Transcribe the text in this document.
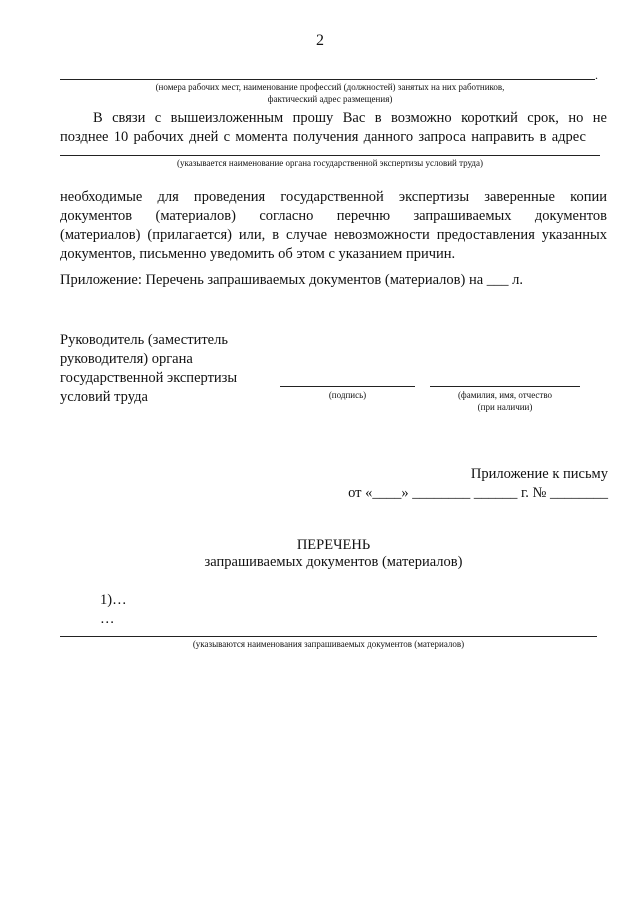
2
.
(номера рабочих мест, наименование профессий (должностей) занятых на них работников,
фактический адрес размещения)
В связи с вышеизложенным прошу Вас в возможно короткий срок, но не
позднее 10 рабочих дней с момента получения данного запроса направить в адрес
(указывается наименование органа государственной экспертизы условий труда)
необходимые для проведения государственной экспертизы заверенные копии
документов (материалов) согласно перечню запрашиваемых документов
(материалов) (прилагается) или, в случае невозможности предоставления указанных
документов, письменно уведомить об этом с указанием причин.
Приложение: Перечень запрашиваемых документов (материалов) на ___ л.
Руководитель (заместитель
руководителя) органа
государственной экспертизы
условий труда	(подпись)	(фамилия, имя, отчество
(при наличии)
Приложение к письму
от «____» ________ ______ г. № ________
ПЕРЕЧЕНЬ
запрашиваемых документов (материалов)
1)…
…
(указываются наименования запрашиваемых документов (материалов)
